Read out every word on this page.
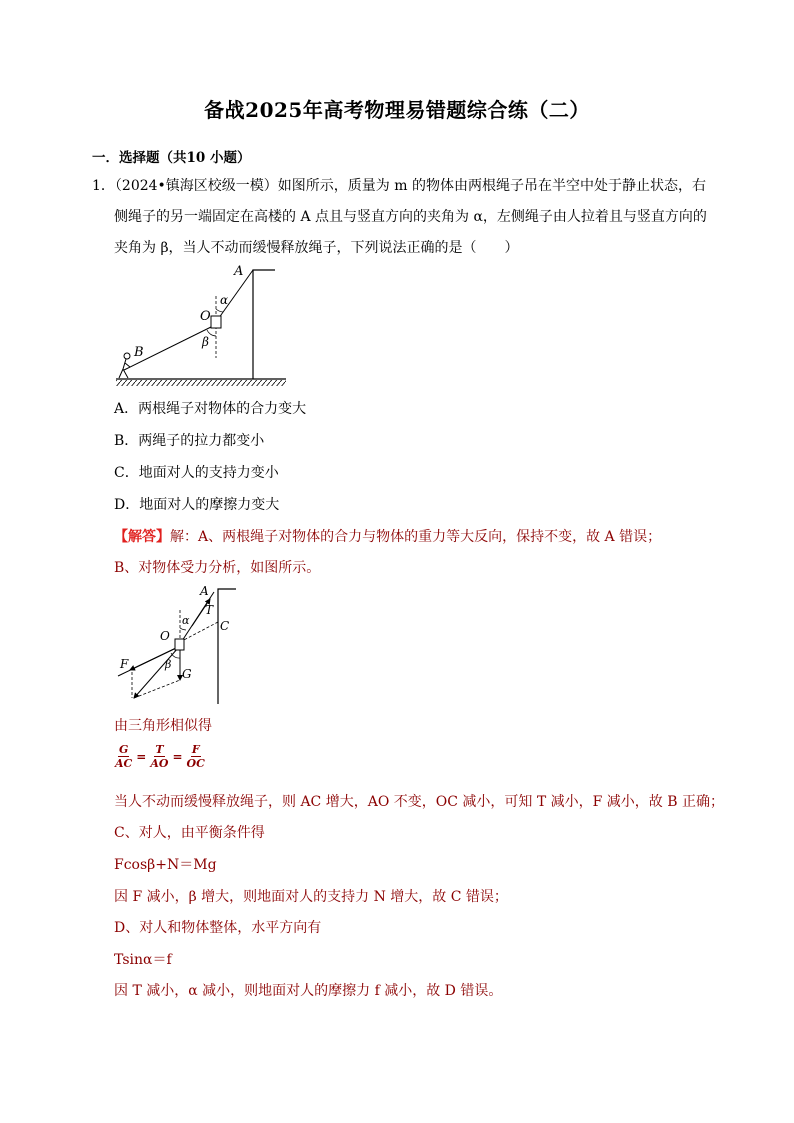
备战2025年高考物理易错题综合练（二）
一．选择题（共10 小题）
1．（2024•镇海区校级一模）如图所示，质量为 m 的物体由两根绳子吊在半空中处于静止状态，右
侧绳子的另一端固定在高楼的 A 点且与竖直方向的夹角为 α，左侧绳子由人拉着且与竖直方向的
夹角为 β，当人不动而缓慢释放绳子，下列说法正确的是（　　）
A
O
B
α
β
A．两根绳子对物体的合力变大
B．两绳子的拉力都变小
C．地面对人的支持力变小
D．地面对人的摩擦力变大
【解答】解：A、两根绳子对物体的合力与物体的重力等大反向，保持不变，故 A 错误；
B、对物体受力分析，如图所示。
A
T
C
O
α
β
F
G
由三角形相似得
$\frac{G}{AC} = \frac{T}{AO} = \frac{F}{OC}$
当人不动而缓慢释放绳子，则 AC 增大，AO 不变，OC 减小，可知 T 减小，F 减小，故 B 正确；
C、对人，由平衡条件得
Fcosβ+N＝Mg
因 F 减小，β 增大，则地面对人的支持力 N 增大，故 C 错误；
D、对人和物体整体，水平方向有
Tsinα＝f
因 T 减小，α 减小，则地面对人的摩擦力 f 减小，故 D 错误。
